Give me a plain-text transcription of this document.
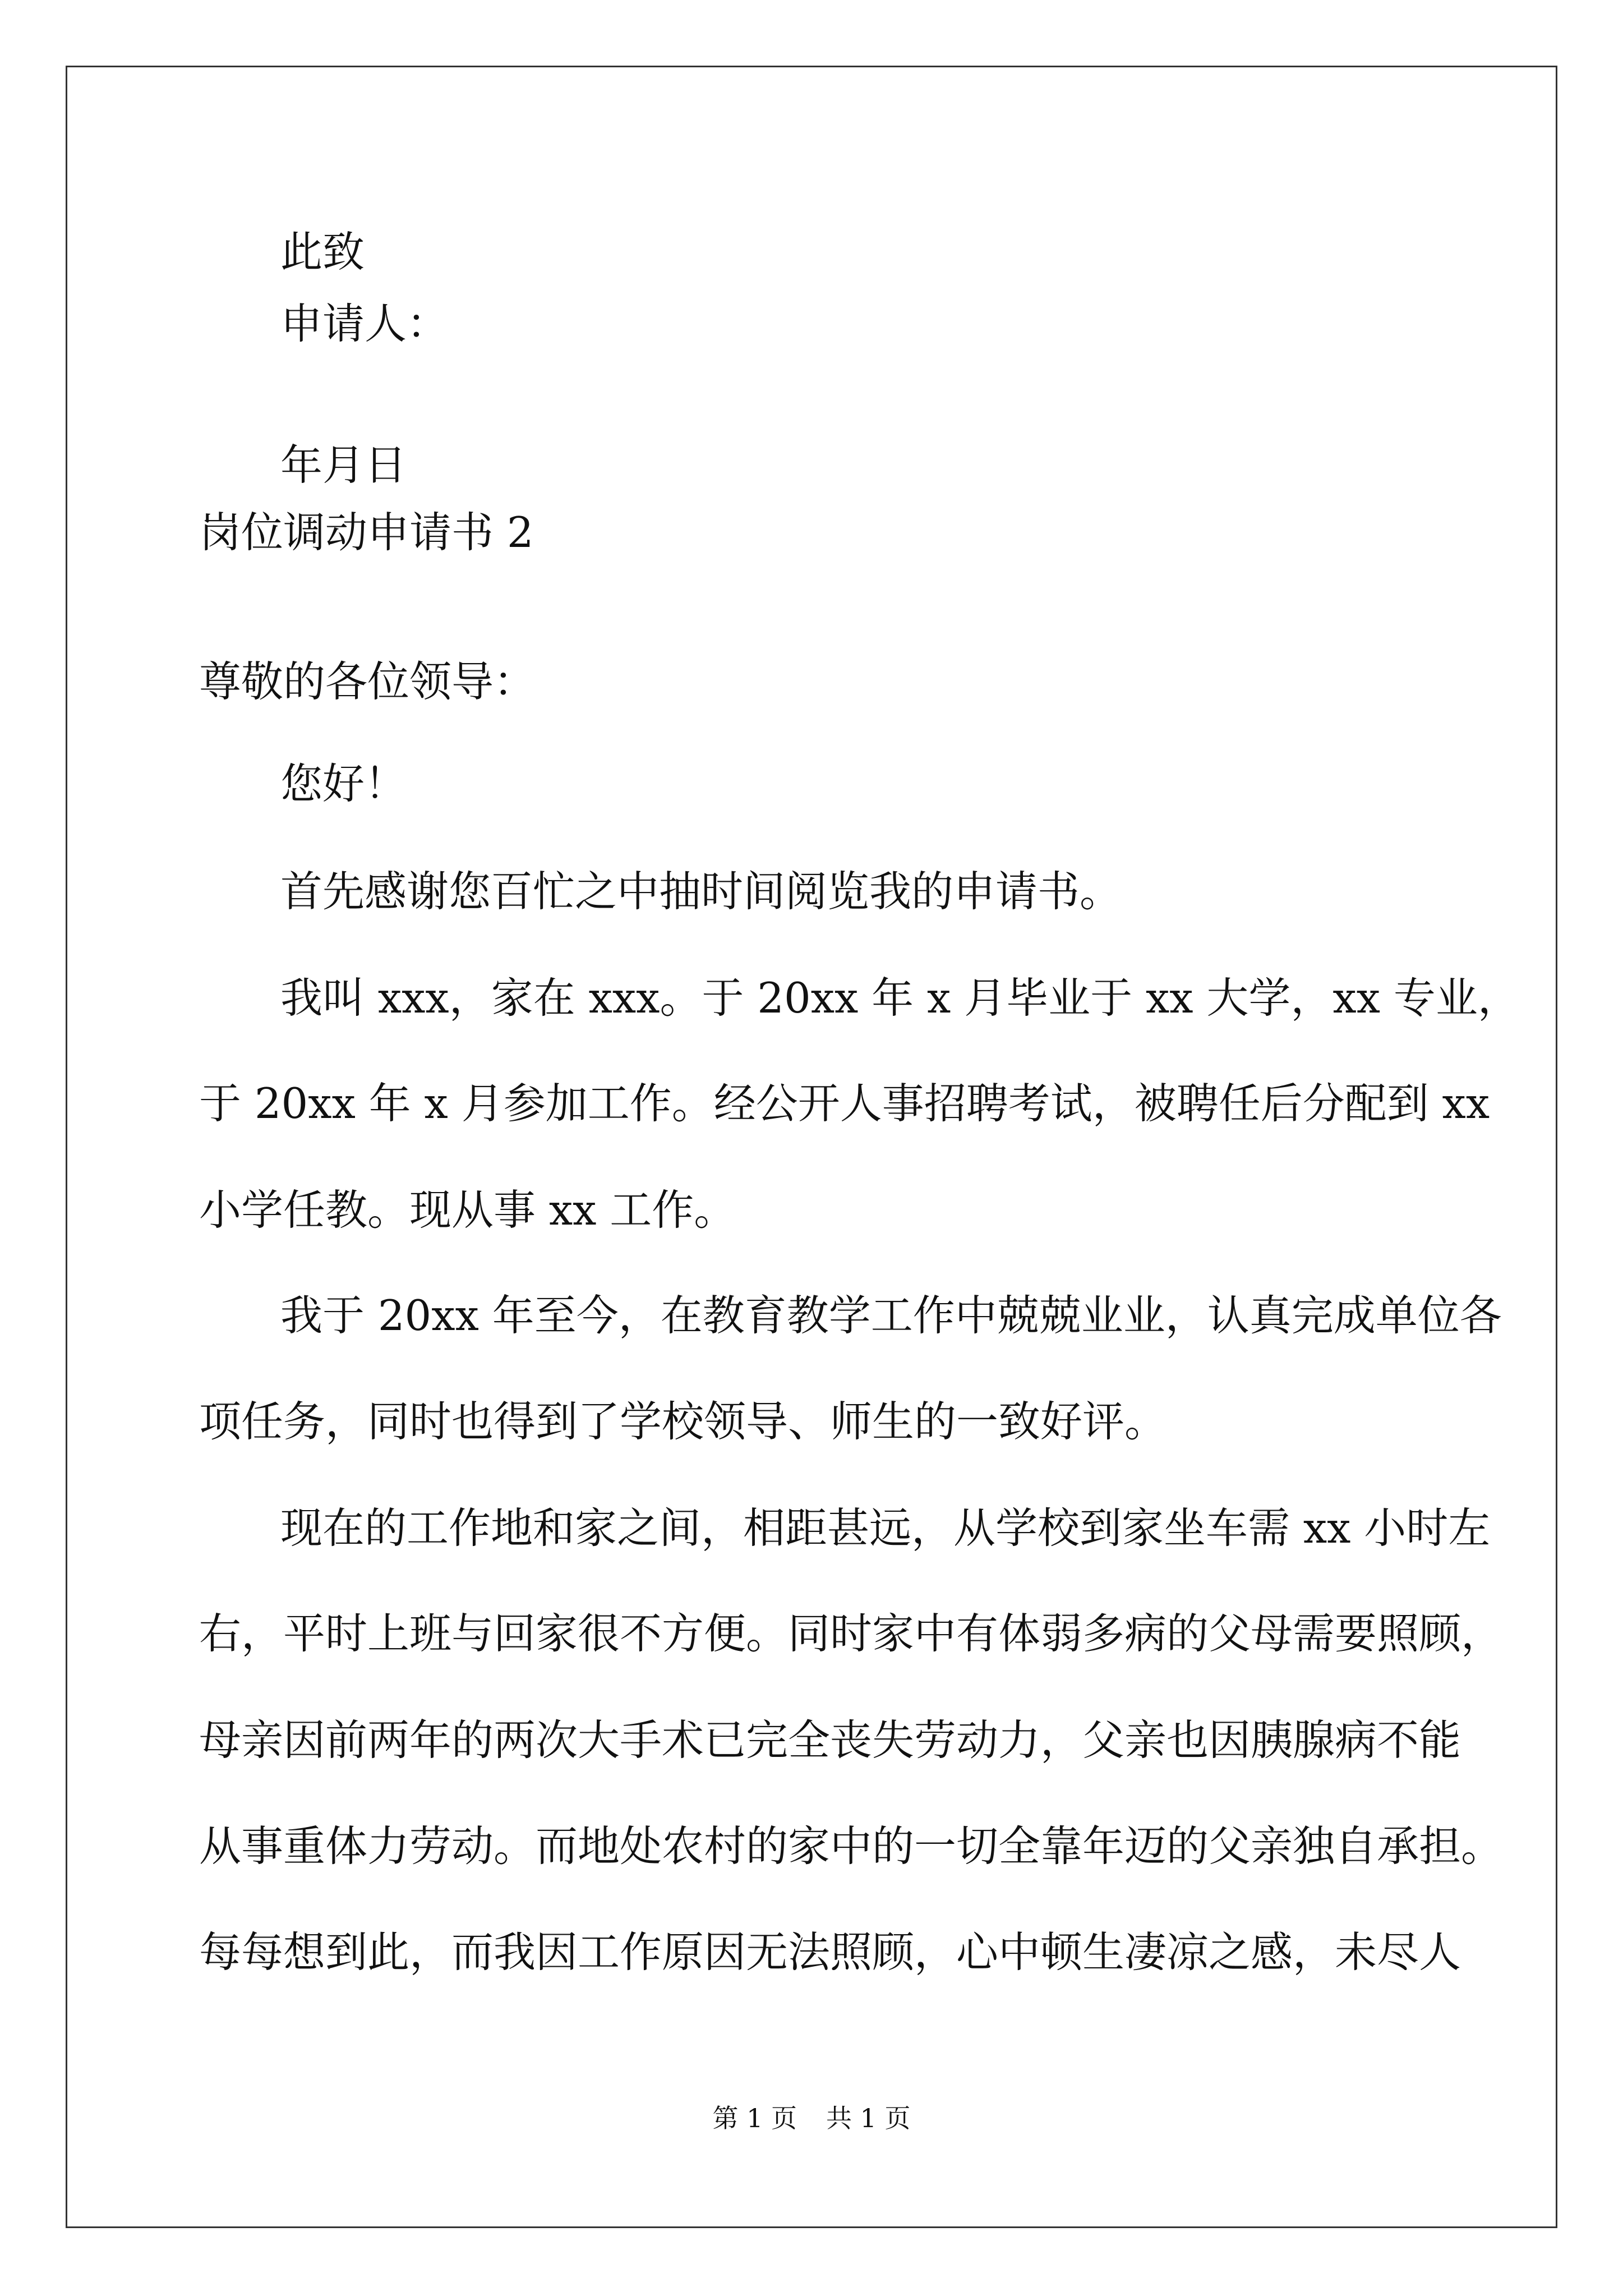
此致
申请人：
年月日
岗位调动申请书 2
尊敬的各位领导：
您好！
首先感谢您百忙之中抽时间阅览我的申请书。
我叫 xxx，家在 xxx。于 20xx 年 x 月毕业于 xx 大学，xx 专业，
于 20xx 年 x 月参加工作。经公开人事招聘考试，被聘任后分配到 xx
小学任教。现从事 xx 工作。
我于 20xx 年至今，在教育教学工作中兢兢业业，认真完成单位各
项任务，同时也得到了学校领导、师生的一致好评。
现在的工作地和家之间，相距甚远，从学校到家坐车需 xx 小时左
右，平时上班与回家很不方便。同时家中有体弱多病的父母需要照顾，
母亲因前两年的两次大手术已完全丧失劳动力，父亲也因胰腺病不能
从事重体力劳动。而地处农村的家中的一切全靠年迈的父亲独自承担。
每每想到此，而我因工作原因无法照顾，心中顿生凄凉之感，未尽人
第 1 页 共 1 页
